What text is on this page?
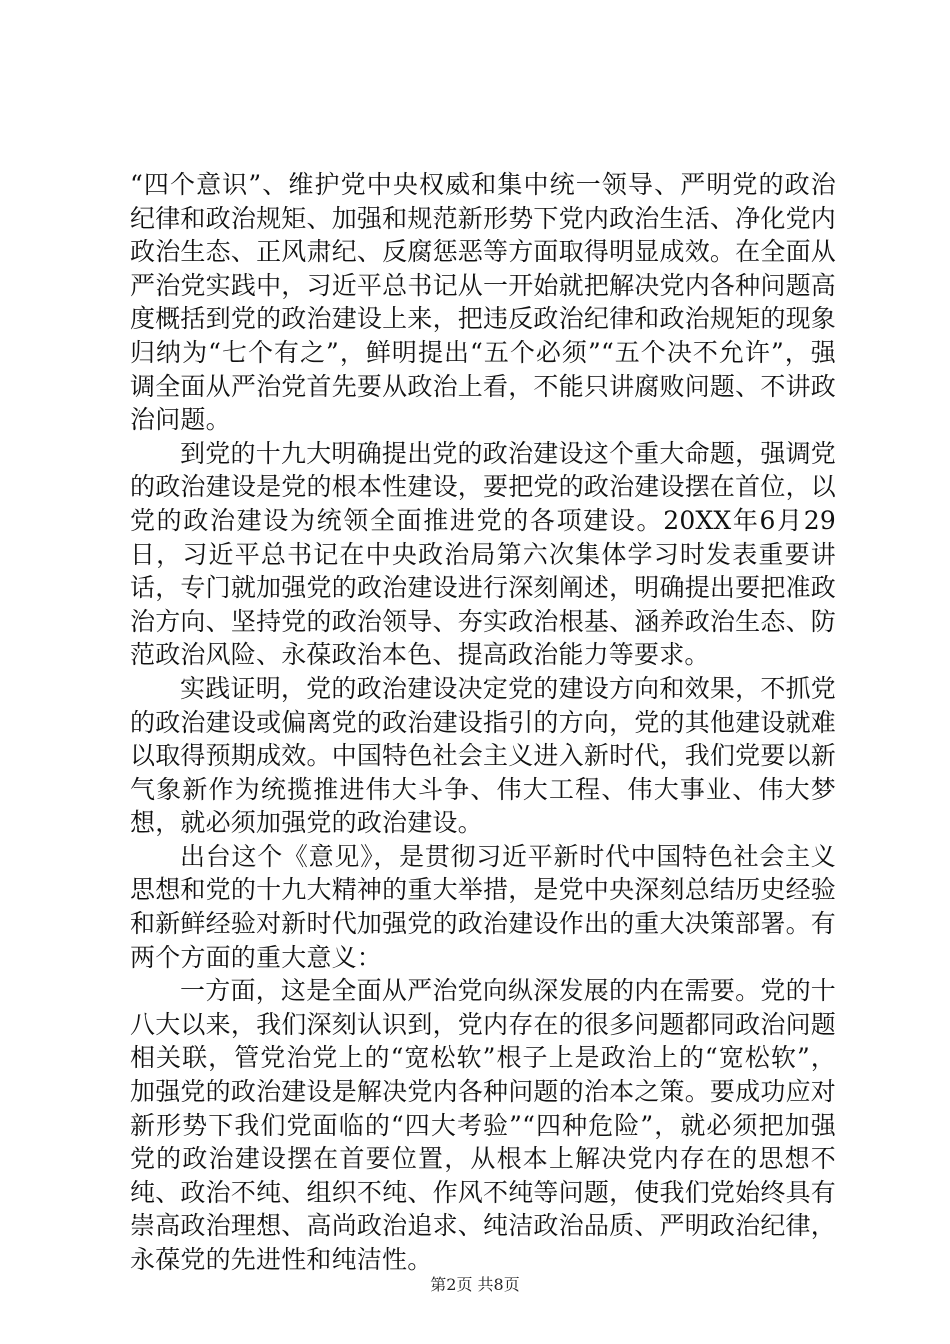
“四个意识”、维护党中央权威和集中统一领导、严明党的政治纪律和政治规矩、加强和规范新形势下党内政治生活、净化党内政治生态、正风肃纪、反腐惩恶等方面取得明显成效。在全面从严治党实践中，习近平总书记从一开始就把解决党内各种问题高度概括到党的政治建设上来，把违反政治纪律和政治规矩的现象归纳为“七个有之”，鲜明提出“五个必须”“五个决不允许”，强调全面从严治党首先要从政治上看，不能只讲腐败问题、不讲政治问题。

到党的十九大明确提出党的政治建设这个重大命题，强调党的政治建设是党的根本性建设，要把党的政治建设摆在首位，以党的政治建设为统领全面推进党的各项建设。20XX年6月29日，习近平总书记在中央政治局第六次集体学习时发表重要讲话，专门就加强党的政治建设进行深刻阐述，明确提出要把准政治方向、坚持党的政治领导、夯实政治根基、涵养政治生态、防范政治风险、永葆政治本色、提高政治能力等要求。

实践证明，党的政治建设决定党的建设方向和效果，不抓党的政治建设或偏离党的政治建设指引的方向，党的其他建设就难以取得预期成效。中国特色社会主义进入新时代，我们党要以新气象新作为统揽推进伟大斗争、伟大工程、伟大事业、伟大梦想，就必须加强党的政治建设。

出台这个《意见》，是贯彻习近平新时代中国特色社会主义思想和党的十九大精神的重大举措，是党中央深刻总结历史经验和新鲜经验对新时代加强党的政治建设作出的重大决策部署。有两个方面的重大意义：

一方面，这是全面从严治党向纵深发展的内在需要。党的十八大以来，我们深刻认识到，党内存在的很多问题都同政治问题相关联，管党治党上的“宽松软”根子上是政治上的“宽松软”，加强党的政治建设是解决党内各种问题的治本之策。要成功应对新形势下我们党面临的“四大考验”“四种危险”，就必须把加强党的政治建设摆在首要位置，从根本上解决党内存在的思想不纯、政治不纯、组织不纯、作风不纯等问题，使我们党始终具有崇高政治理想、高尚政治追求、纯洁政治品质、严明政治纪律，永葆党的先进性和纯洁性。

第2页 共8页
